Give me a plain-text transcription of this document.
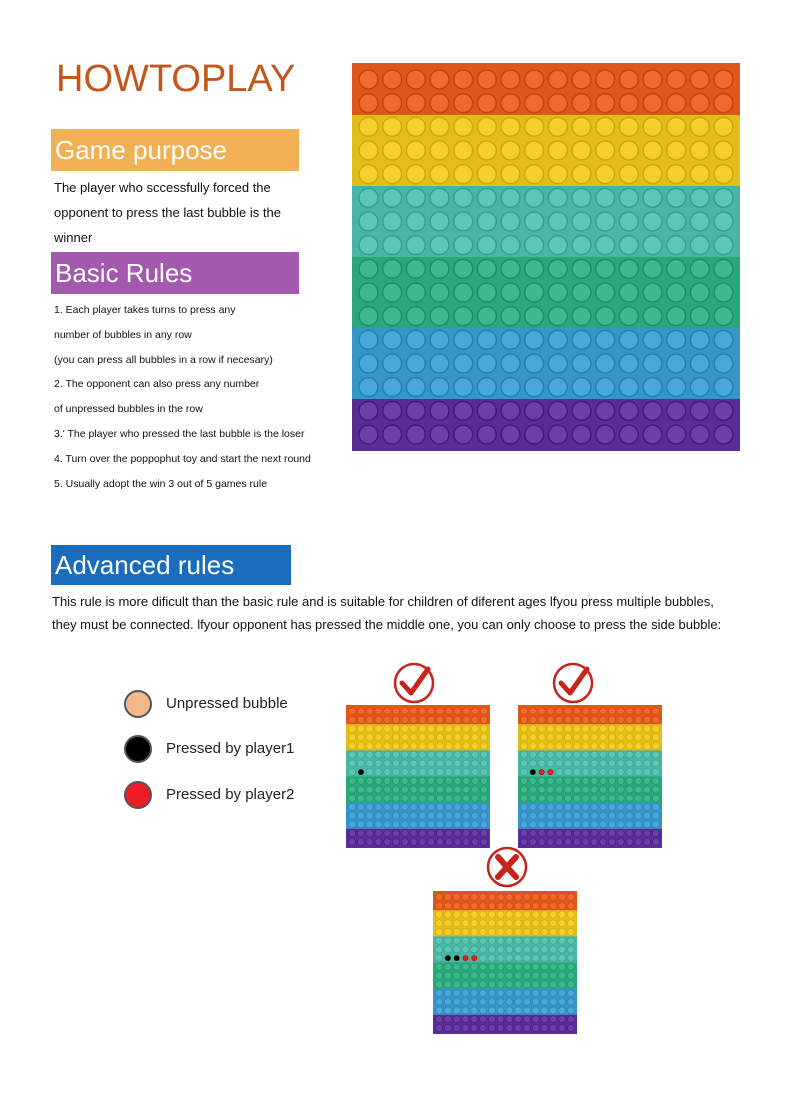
HOWTOPLAY
Game purpose
The player who sccessfully forced the
opponent to press the last bubble is the
winner
Basic Rules
1. Each player takes turns to press any
number of bubbles in any row
(you can press all bubbles in a row if necesary)
2. The opponent can also press any number
of unpressed bubbles in the row
3.' The player who pressed the last bubble is the loser
4. Turn over the poppophut toy and start the next round
5. Usually adopt the win 3 out of 5 games rule
Advanced rules
This rule is more dificult than the basic rule and is suitable for children of diferent ages lfyou press multiple bubbles,
they must be connected. lfyour opponent has pressed the middle one, you can only choose to press the side bubble:
Unpressed bubble
Pressed by player1
Pressed by player2
